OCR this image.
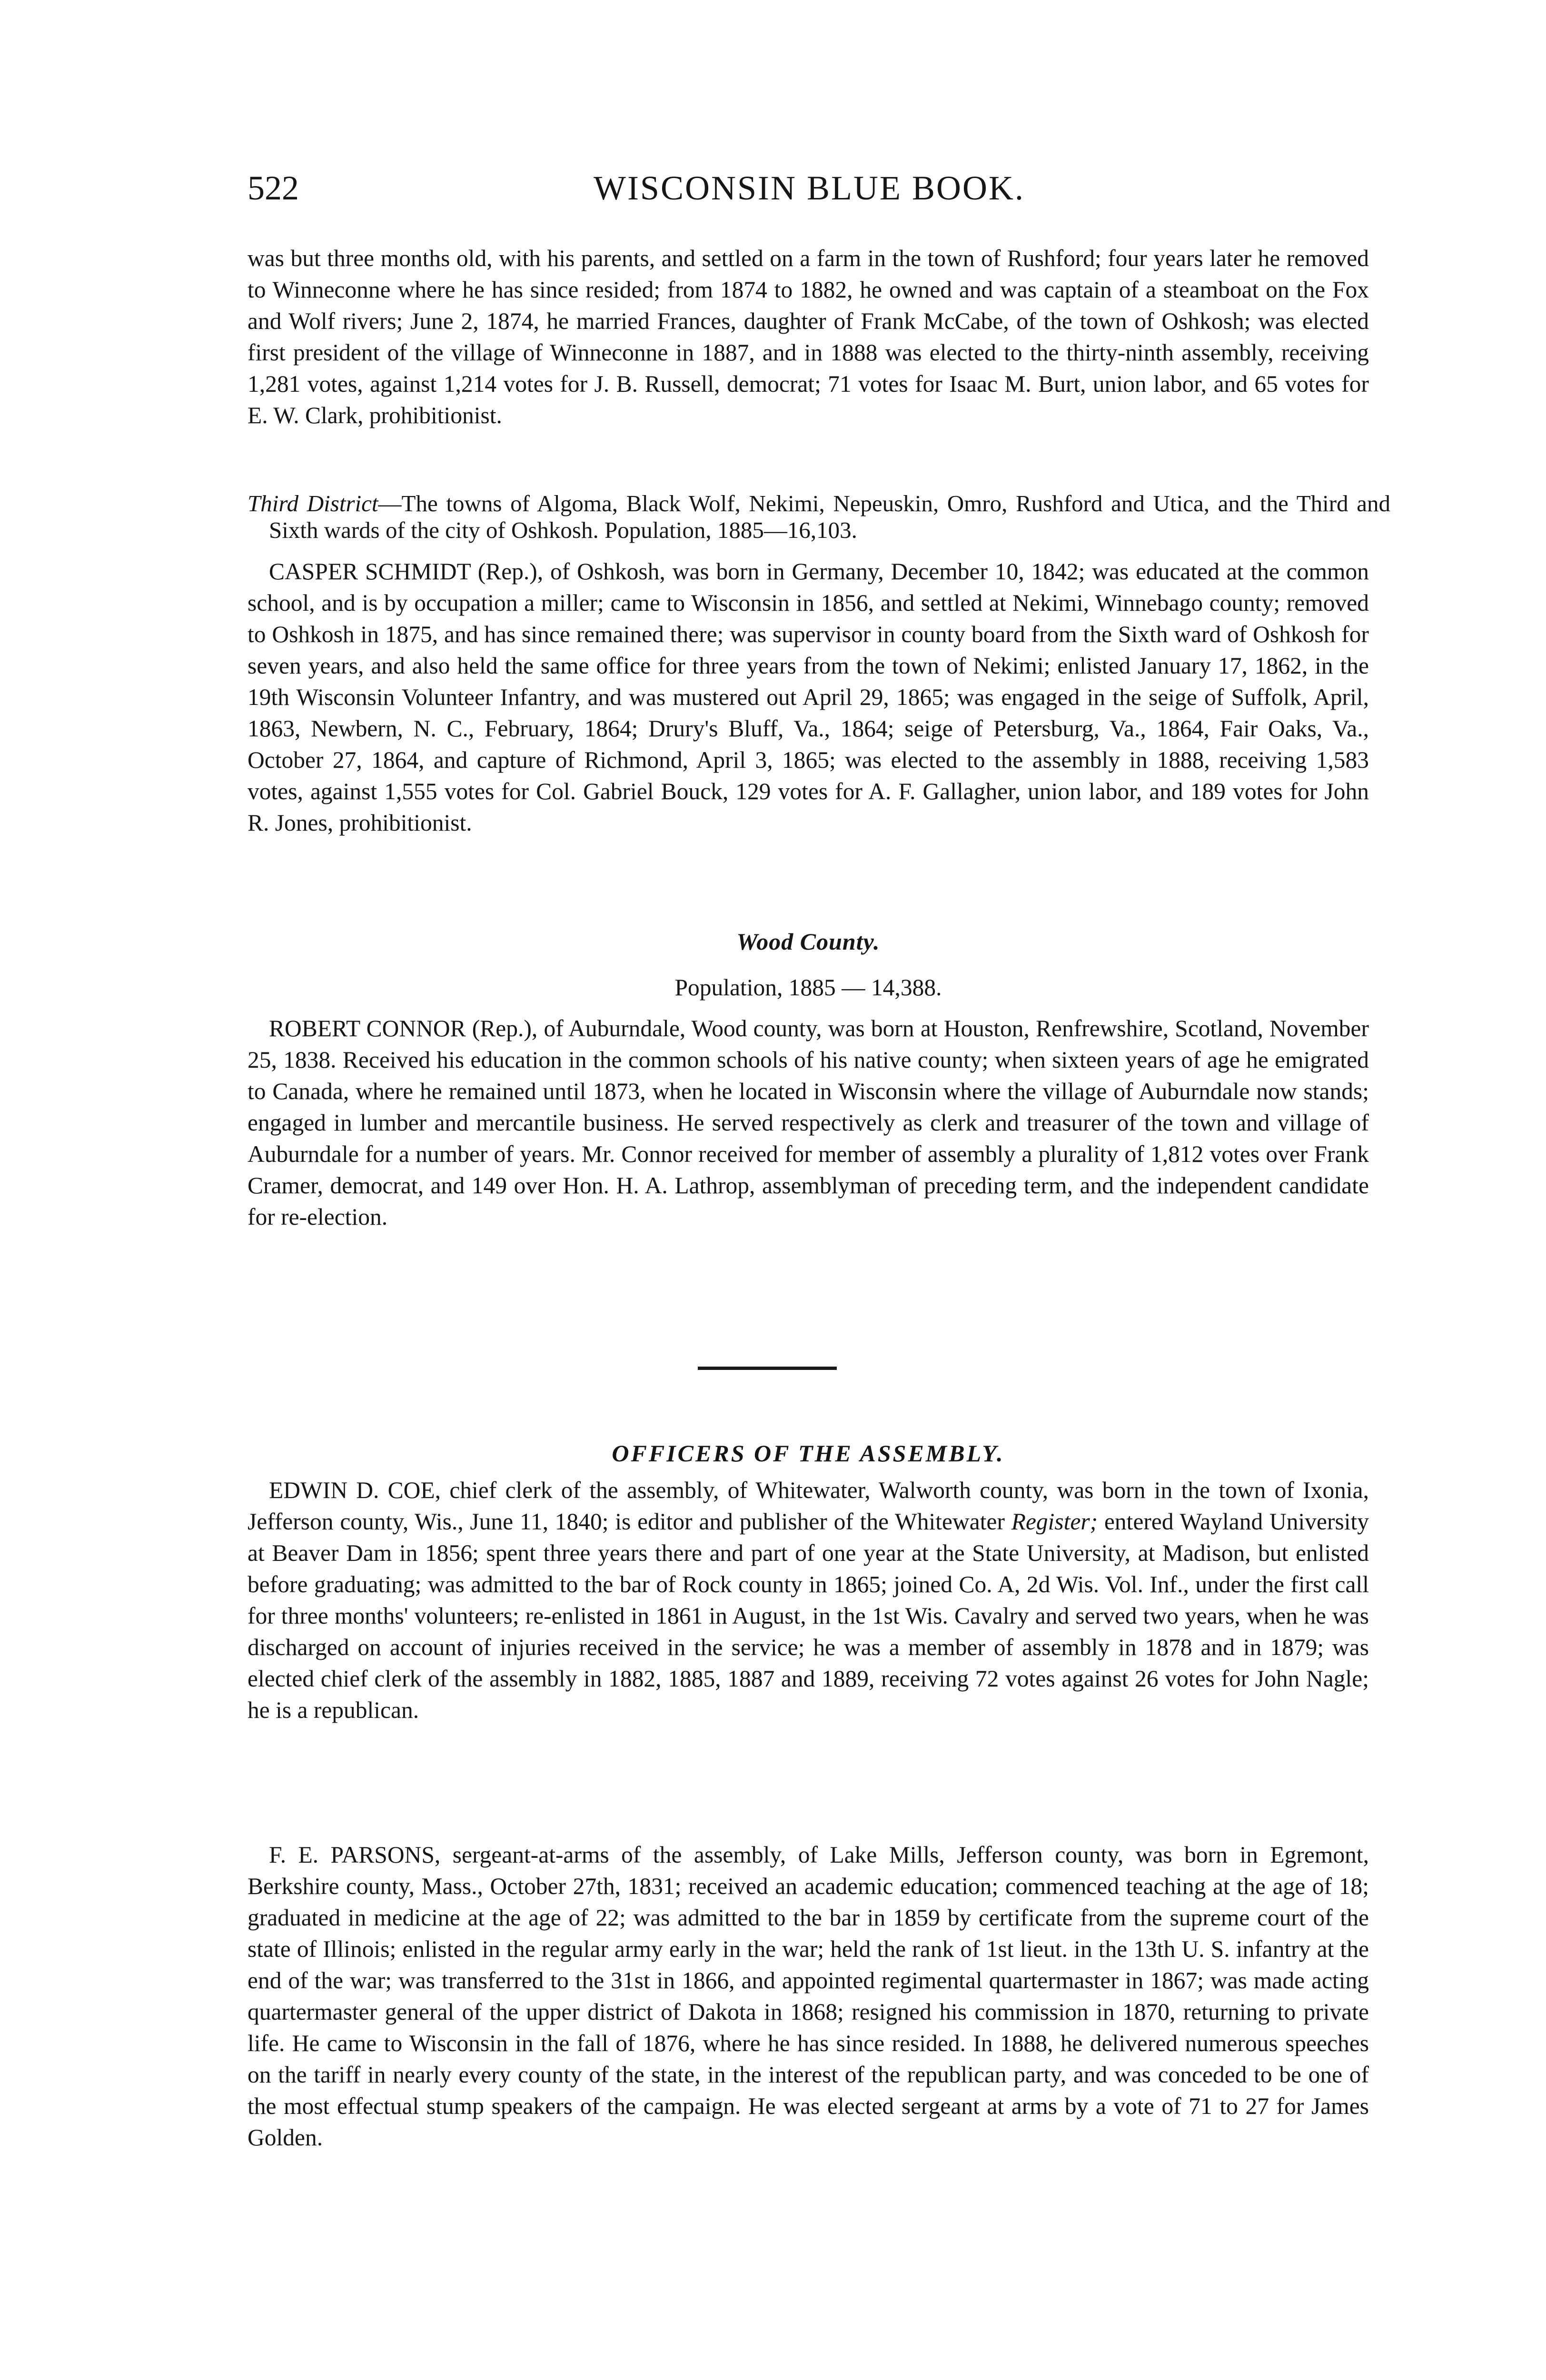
522	WISCONSIN BLUE BOOK.

was but three months old, with his parents, and settled on a farm in the town of Rushford; four years later he removed to Winneconne where he has since resided; from 1874 to 1882, he owned and was captain of a steamboat on the Fox and Wolf rivers; June 2, 1874, he married Frances, daughter of Frank McCabe, of the town of Oshkosh; was elected first president of the village of Winneconne in 1887, and in 1888 was elected to the thirty-ninth assembly, receiving 1,281 votes, against 1,214 votes for J. B. Russell, democrat; 71 votes for Isaac M. Burt, union labor, and 65 votes for E. W. Clark, prohibitionist.

Third District—The towns of Algoma, Black Wolf, Nekimi, Nepeuskin, Omro, Rushford and Utica, and the Third and Sixth wards of the city of Oshkosh. Population, 1885—16,103.

CASPER SCHMIDT (Rep.), of Oshkosh, was born in Germany, December 10, 1842; was educated at the common school, and is by occupation a miller; came to Wisconsin in 1856, and settled at Nekimi, Winnebago county; removed to Oshkosh in 1875, and has since remained there; was supervisor in county board from the Sixth ward of Oshkosh for seven years, and also held the same office for three years from the town of Nekimi; enlisted January 17, 1862, in the 19th Wisconsin Volunteer Infantry, and was mustered out April 29, 1865; was engaged in the seige of Suffolk, April, 1863, Newbern, N. C., February, 1864; Drury's Bluff, Va., 1864; seige of Petersburg, Va., 1864, Fair Oaks, Va., October 27, 1864, and capture of Richmond, April 3, 1865; was elected to the assembly in 1888, receiving 1,583 votes, against 1,555 votes for Col. Gabriel Bouck, 129 votes for A. F. Gallagher, union labor, and 189 votes for John R. Jones, prohibitionist.

Wood County.
Population, 1885 — 14,388.

ROBERT CONNOR (Rep.), of Auburndale, Wood county, was born at Houston, Renfrewshire, Scotland, November 25, 1838. Received his education in the common schools of his native county; when sixteen years of age he emigrated to Canada, where he remained until 1873, when he located in Wisconsin where the village of Auburndale now stands; engaged in lumber and mercantile business. He served respectively as clerk and treasurer of the town and village of Auburndale for a number of years. Mr. Connor received for member of assembly a plurality of 1,812 votes over Frank Cramer, democrat, and 149 over Hon. H. A. Lathrop, assemblyman of preceding term, and the independent candidate for re-election.

OFFICERS OF THE ASSEMBLY.

EDWIN D. COE, chief clerk of the assembly, of Whitewater, Walworth county, was born in the town of Ixonia, Jefferson county, Wis., June 11, 1840; is editor and publisher of the Whitewater Register; entered Wayland University at Beaver Dam in 1856; spent three years there and part of one year at the State University, at Madison, but enlisted before graduating; was admitted to the bar of Rock county in 1865; joined Co. A, 2d Wis. Vol. Inf., under the first call for three months' volunteers; re-enlisted in 1861 in August, in the 1st Wis. Cavalry and served two years, when he was discharged on account of injuries received in the service; he was a member of assembly in 1878 and in 1879; was elected chief clerk of the assembly in 1882, 1885, 1887 and 1889, receiving 72 votes against 26 votes for John Nagle; he is a republican.

F. E. PARSONS, sergeant-at-arms of the assembly, of Lake Mills, Jefferson county, was born in Egremont, Berkshire county, Mass., October 27th, 1831; received an academic education; commenced teaching at the age of 18; graduated in medicine at the age of 22; was admitted to the bar in 1859 by certificate from the supreme court of the state of Illinois; enlisted in the regular army early in the war; held the rank of 1st lieut. in the 13th U. S. infantry at the end of the war; was transferred to the 31st in 1866, and appointed regimental quartermaster in 1867; was made acting quartermaster general of the upper district of Dakota in 1868; resigned his commission in 1870, returning to private life. He came to Wisconsin in the fall of 1876, where he has since resided. In 1888, he delivered numerous speeches on the tariff in nearly every county of the state, in the interest of the republican party, and was conceded to be one of the most effectual stump speakers of the campaign. He was elected sergeant at arms by a vote of 71 to 27 for James Golden.
